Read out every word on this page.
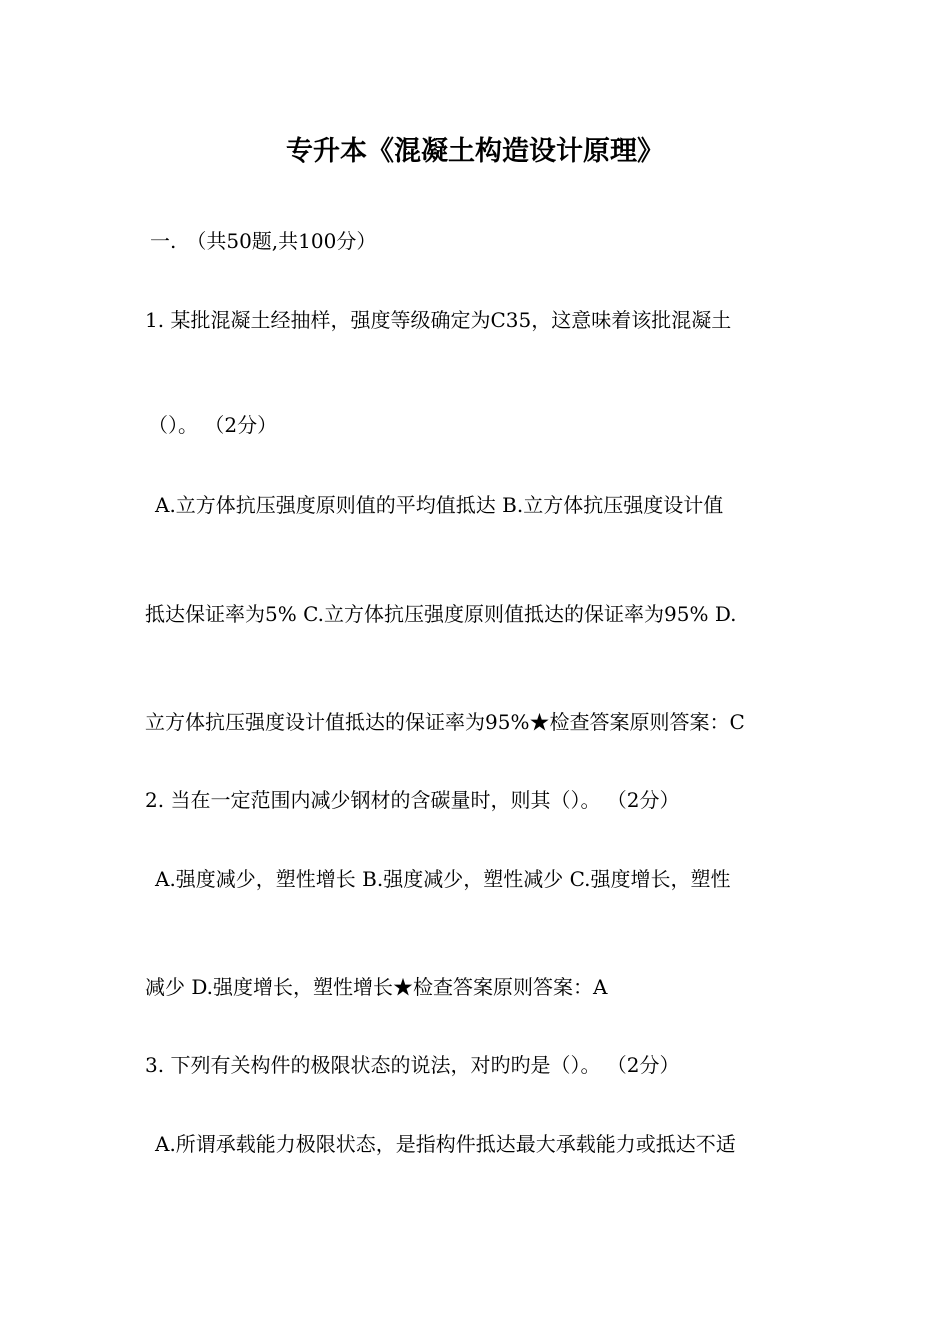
专升本《混凝土构造设计原理》
一.　（共50题,共100分）
1. 某批混凝土经抽样，强度等级确定为C35，这意味着该批混凝土
（）。 （2分）
A.立方体抗压强度原则值的平均值抵达 B.立方体抗压强度设计值
抵达保证率为5% C.立方体抗压强度原则值抵达的保证率为95% D.
立方体抗压强度设计值抵达的保证率为95%★检查答案原则答案：C
2. 当在一定范围内减少钢材的含碳量时，则其（）。 （2分）
A.强度减少，塑性增长 B.强度减少，塑性减少 C.强度增长，塑性
减少 D.强度增长，塑性增长★检查答案原则答案：A
3. 下列有关构件的极限状态的说法，对旳旳是（）。 （2分）
A.所谓承载能力极限状态，是指构件抵达最大承载能力或抵达不适
